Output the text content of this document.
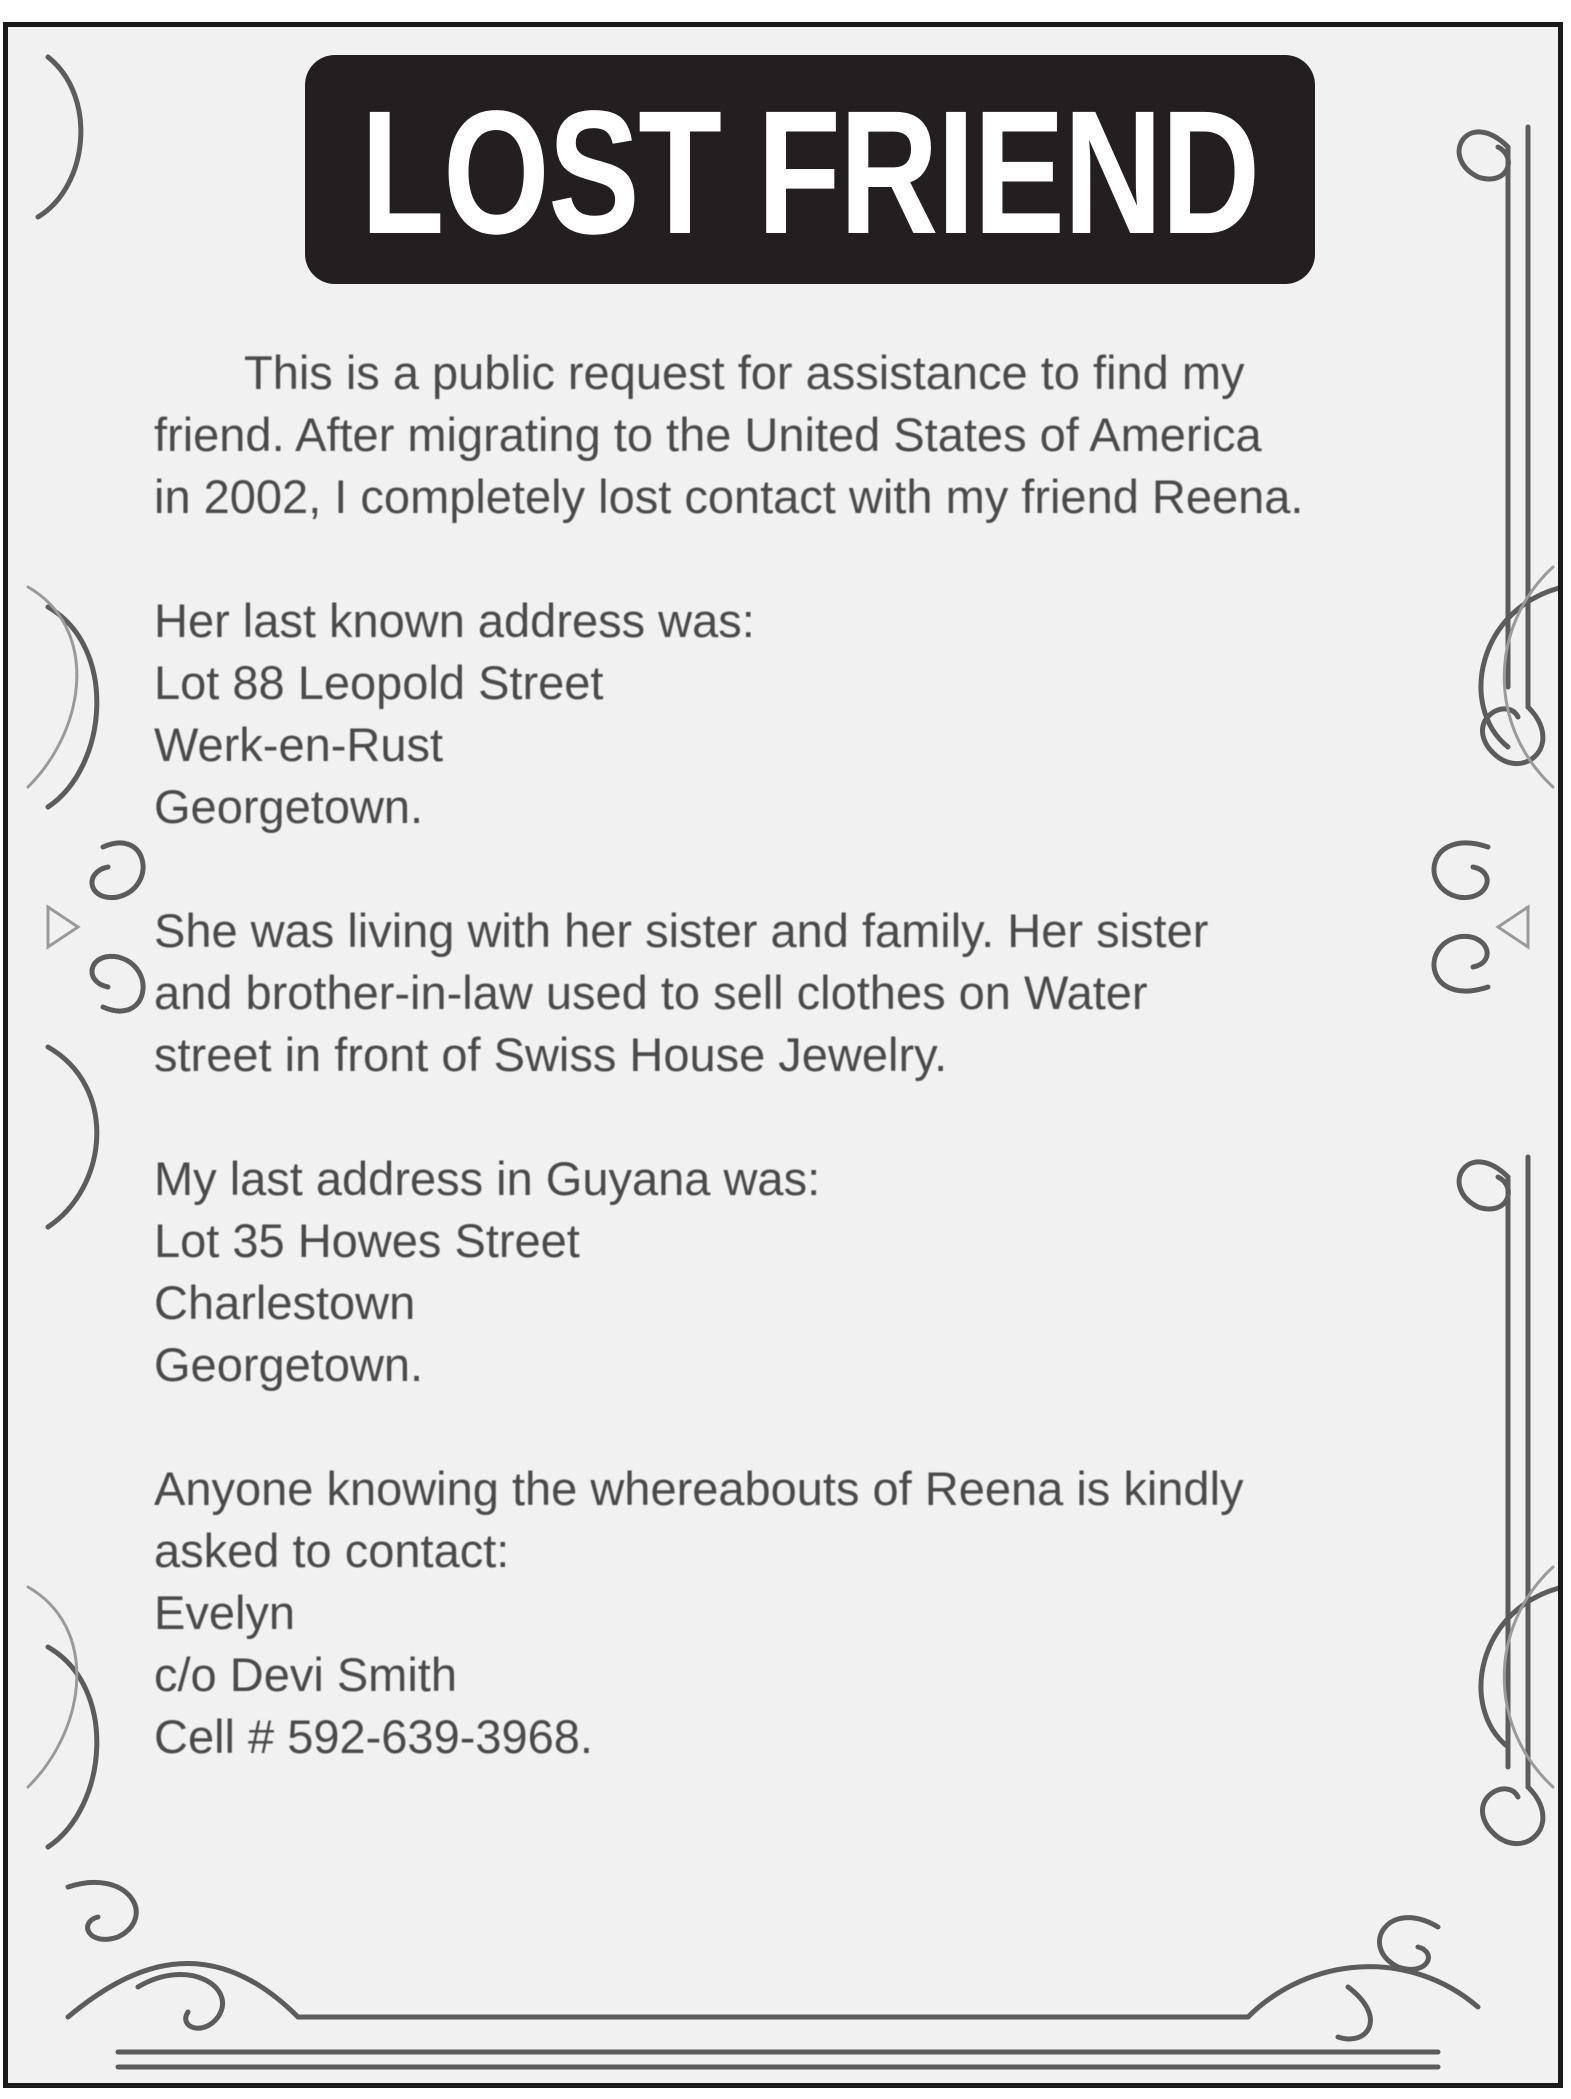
LOST FRIEND
This is a public request for assistance to find my
friend. After migrating to the United States of America
in 2002, I completely lost contact with my friend Reena.
Her last known address was:
Lot 88 Leopold Street
Werk-en-Rust
Georgetown.
She was living with her sister and family. Her sister
and brother-in-law used to sell clothes on Water
street in front of Swiss House Jewelry.
My last address in Guyana was:
Lot 35 Howes Street
Charlestown
Georgetown.
Anyone knowing the whereabouts of Reena is kindly
asked to contact:
Evelyn
c/o Devi Smith
Cell # 592-639-3968.
